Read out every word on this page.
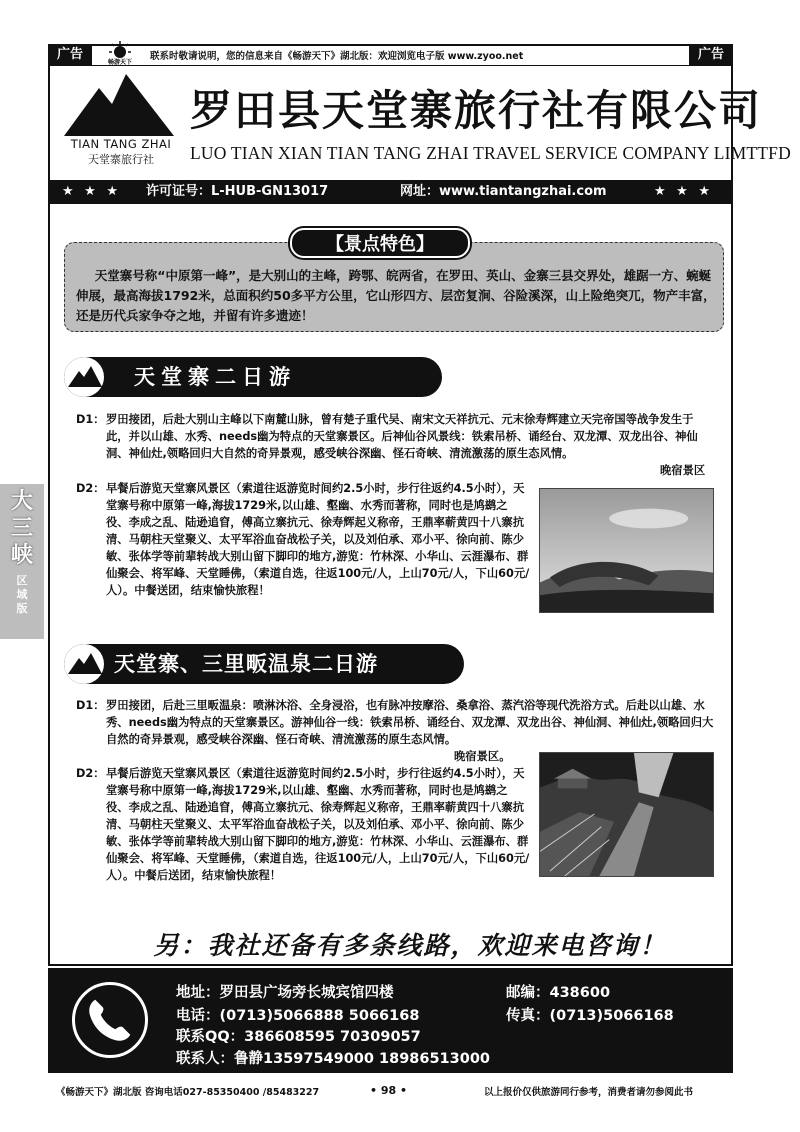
广告	广告
畅游天下
联系时敬请说明，您的信息来自《畅游天下》湖北版：欢迎浏览电子版 www.zyoo.net
TIAN TANG ZHAI
天堂寨旅行社
罗田县天堂寨旅行社有限公司
LUO TIAN XIAN TIAN TANG ZHAI TRAVEL SERVICE COMPANY LIMTTFD
★ ★ ★ 许可证号：L-HUB-GN13017	网址：www.tiantangzhai.com	★ ★ ★
【景点特色】
天堂寨号称“中原第一峰”，是大别山的主峰，跨鄂、皖两省，在罗田、英山、金寨三县交界处，雄踞一方、蜿蜒伸展，最高海拔1792米，总面积约50多平方公里，它山形四方、层峦复涧、谷险溪深，山上险绝突兀，物产丰富，还是历代兵家争夺之地，并留有许多遗迹！
天堂寨二日游
D1： 罗田接团，后赴大别山主峰以下南麓山脉，曾有楚子重代吴、南宋文天祥抗元、元末徐寿辉建立天完帝国等战争发生于此，并以山雄、水秀、needs幽为特点的天堂寨景区。后神仙谷风景线：铁索吊桥、诵经台、双龙潭、双龙出谷、神仙洞、神仙灶,领略回归大自然的奇异景观，感受峡谷深幽、怪石奇峡、清流激荡的原生态风情。
晚宿景区
D2： 早餐后游览天堂寨风景区（索道往返游览时间约2.5小时，步行往返约4.5小时），天堂寨号称中原第一峰,海拔1729米,以山雄、壑幽、水秀而著称，同时也是鸠鹚之役、李成之乱、陆逊追窅，傅高立寨抗元、徐寿辉起义称帝，王鼎率蕲黄四十八寨抗清、马朝柱天堂聚义、太平军浴血奋战松子关，以及刘伯承、邓小平、徐向前、陈少敏、张体学等前辈转战大别山留下脚印的地方,游览：竹林深、小华山、云涯瀑布、群仙聚会、将军峰、天堂睡佛，（索道自选，往返100元/人，上山70元/人，下山60元/人）。中餐送团，结束愉快旅程！
天堂寨、三里畈温泉二日游
D1： 罗田接团，后赴三里畈温泉：喷淋沐浴、全身浸浴，也有脉冲按摩浴、桑拿浴、蒸汽浴等现代洗浴方式。后赴以山雄、水秀、needs幽为特点的天堂寨景区。游神仙谷一线：铁索吊桥、诵经台、双龙潭、双龙出谷、神仙洞、神仙灶,领略回归大自然的奇异景观，感受峡谷深幽、怪石奇峡、清流激荡的原生态风情。
晚宿景区。
D2： 早餐后游览天堂寨风景区（索道往返游览时间约2.5小时，步行往返约4.5小时），天堂寨号称中原第一峰,海拔1729米,以山雄、壑幽、水秀而著称，同时也是鸠鹚之役、李成之乱、陆逊追窅，傅高立寨抗元、徐寿辉起义称帝，王鼎率蕲黄四十八寨抗清、马朝柱天堂聚义、太平军浴血奋战松子关，以及刘伯承、邓小平、徐向前、陈少敏、张体学等前辈转战大别山留下脚印的地方,游览：竹林深、小华山、云涯瀑布、群仙聚会、将军峰、天堂睡佛，（索道自选，往返100元/人，上山70元/人，下山60元/人）。中餐后送团，结束愉快旅程！
另：我社还备有多条线路，欢迎来电咨询！
地址：罗田县广场旁长城宾馆四楼	邮编：438600
电话：(0713)5066888 5066168	传真：(0713)5066168
联系QQ：386608595 70309057
联系人：鲁静13597549000 18986513000
大
三
峡
区
域
版
《畅游天下》湖北版 咨询电话027-85350400 /85483227	• 98 •	以上报价仅供旅游同行参考，消费者请勿参阅此书
